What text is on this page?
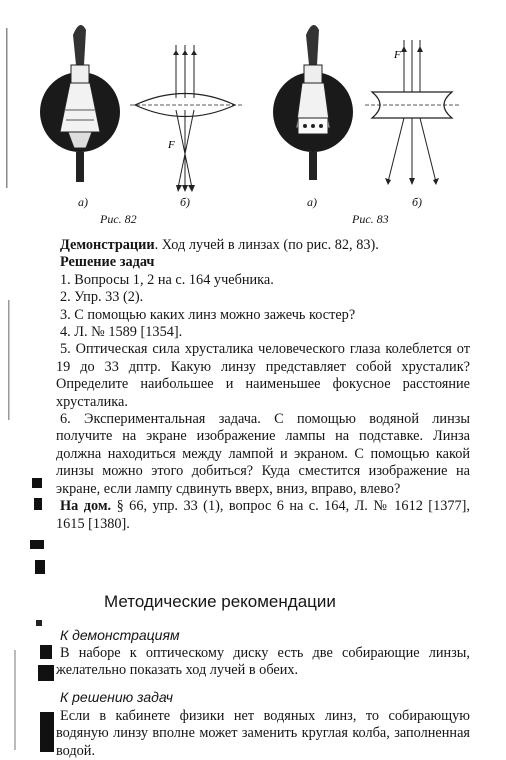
F
F
а)	б)
Рис. 82
а)	б)
Рис. 83

Демонстрации. Ход лучей в линзах (по рис. 82, 83).

Решение задач

1. Вопросы 1, 2 на с. 164 учебника.

2. Упр. 33 (2).

3. С помощью каких линз можно зажечь костер?

4. Л. № 1589 [1354].

5. Оптическая сила хрусталика человеческого глаза колеблется от 19 до 33 дптр. Какую линзу представляет собой хрусталик? Определите наибольшее и наименьшее фокусное расстояние хрусталика.

6. Экспериментальная задача. С помощью водяной линзы получите на экране изображение лампы на подставке. Линза должна находиться между лампой и экраном. С помощью какой линзы можно этого добиться? Куда сместится изображение на экране, если лампу сдвинуть вверх, вниз, вправо, влево?

На дом. § 66, упр. 33 (1), вопрос 6 на с. 164, Л. № 1612 [1377], 1615 [1380].

Методические рекомендации
К демонстрациям

В наборе к оптическому диску есть две собирающие линзы, желательно показать ход лучей в обеих.

К решению задач

Если в кабинете физики нет водяных линз, то собирающую водяную линзу вполне может заменить круглая колба, заполненная водой.
